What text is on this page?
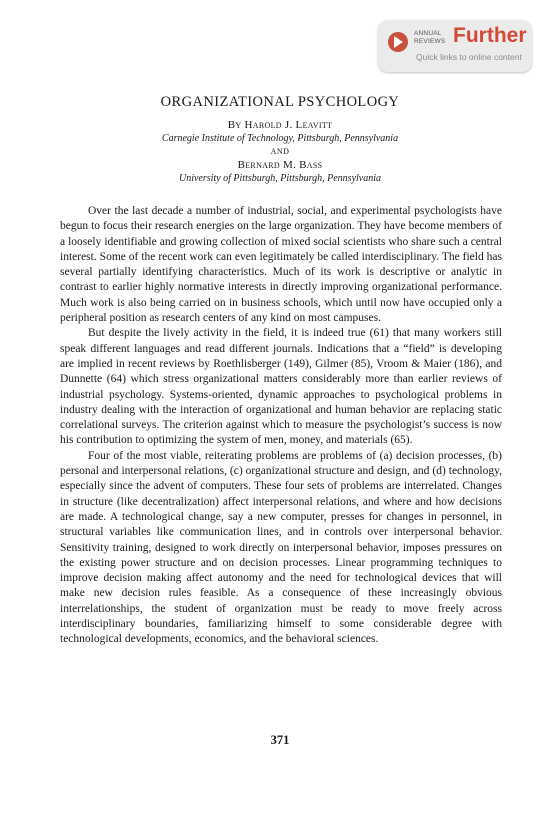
ANNUAL
REVIEWS Further
Quick links to online content
ORGANIZATIONAL PSYCHOLOGY
By Harold J. Leavitt
Carnegie Institute of Technology, Pittsburgh, Pennsylvania
AND
Bernard M. Bass
University of Pittsburgh, Pittsburgh, Pennsylvania

Over the last decade a number of industrial, social, and experimental psychologists have begun to focus their research energies on the large organization. They have become members of a loosely identifiable and growing collection of mixed social scientists who share such a central interest. Some of the recent work can even legitimately be called interdisciplinary. The field has several partially identifying characteristics. Much of its work is descriptive or analytic in contrast to earlier highly normative interests in directly improving organizational performance. Much work is also being carried on in business schools, which until now have occupied only a peripheral position as research centers of any kind on most campuses.

But despite the lively activity in the field, it is indeed true (61) that many workers still speak different languages and read different journals. Indications that a “field” is developing are implied in recent reviews by Roethlisberger (149), Gilmer (85), Vroom & Maier (186), and Dunnette (64) which stress organizational matters considerably more than earlier reviews of industrial psychology. Systems-oriented, dynamic approaches to psychological problems in industry dealing with the interaction of organizational and human behavior are replacing static correlational surveys. The criterion against which to measure the psychologist’s success is now his contribution to optimizing the system of men, money, and materials (65).

Four of the most viable, reiterating problems are problems of (a) decision processes, (b) personal and interpersonal relations, (c) organizational structure and design, and (d) technology, especially since the advent of computers. These four sets of problems are interrelated. Changes in structure (like decentralization) affect interpersonal relations, and where and how decisions are made. A technological change, say a new computer, presses for changes in personnel, in structural variables like communication lines, and in controls over interpersonal behavior. Sensitivity training, designed to work directly on interpersonal behavior, imposes pressures on the existing power structure and on decision processes. Linear programming techniques to improve decision making affect autonomy and the need for technological devices that will make new decision rules feasible. As a consequence of these increasingly obvious interrelationships, the student of organization must be ready to move freely across interdisciplinary boundaries, familiarizing himself to some considerable degree with technological developments, economics, and the behavioral sciences.

371
